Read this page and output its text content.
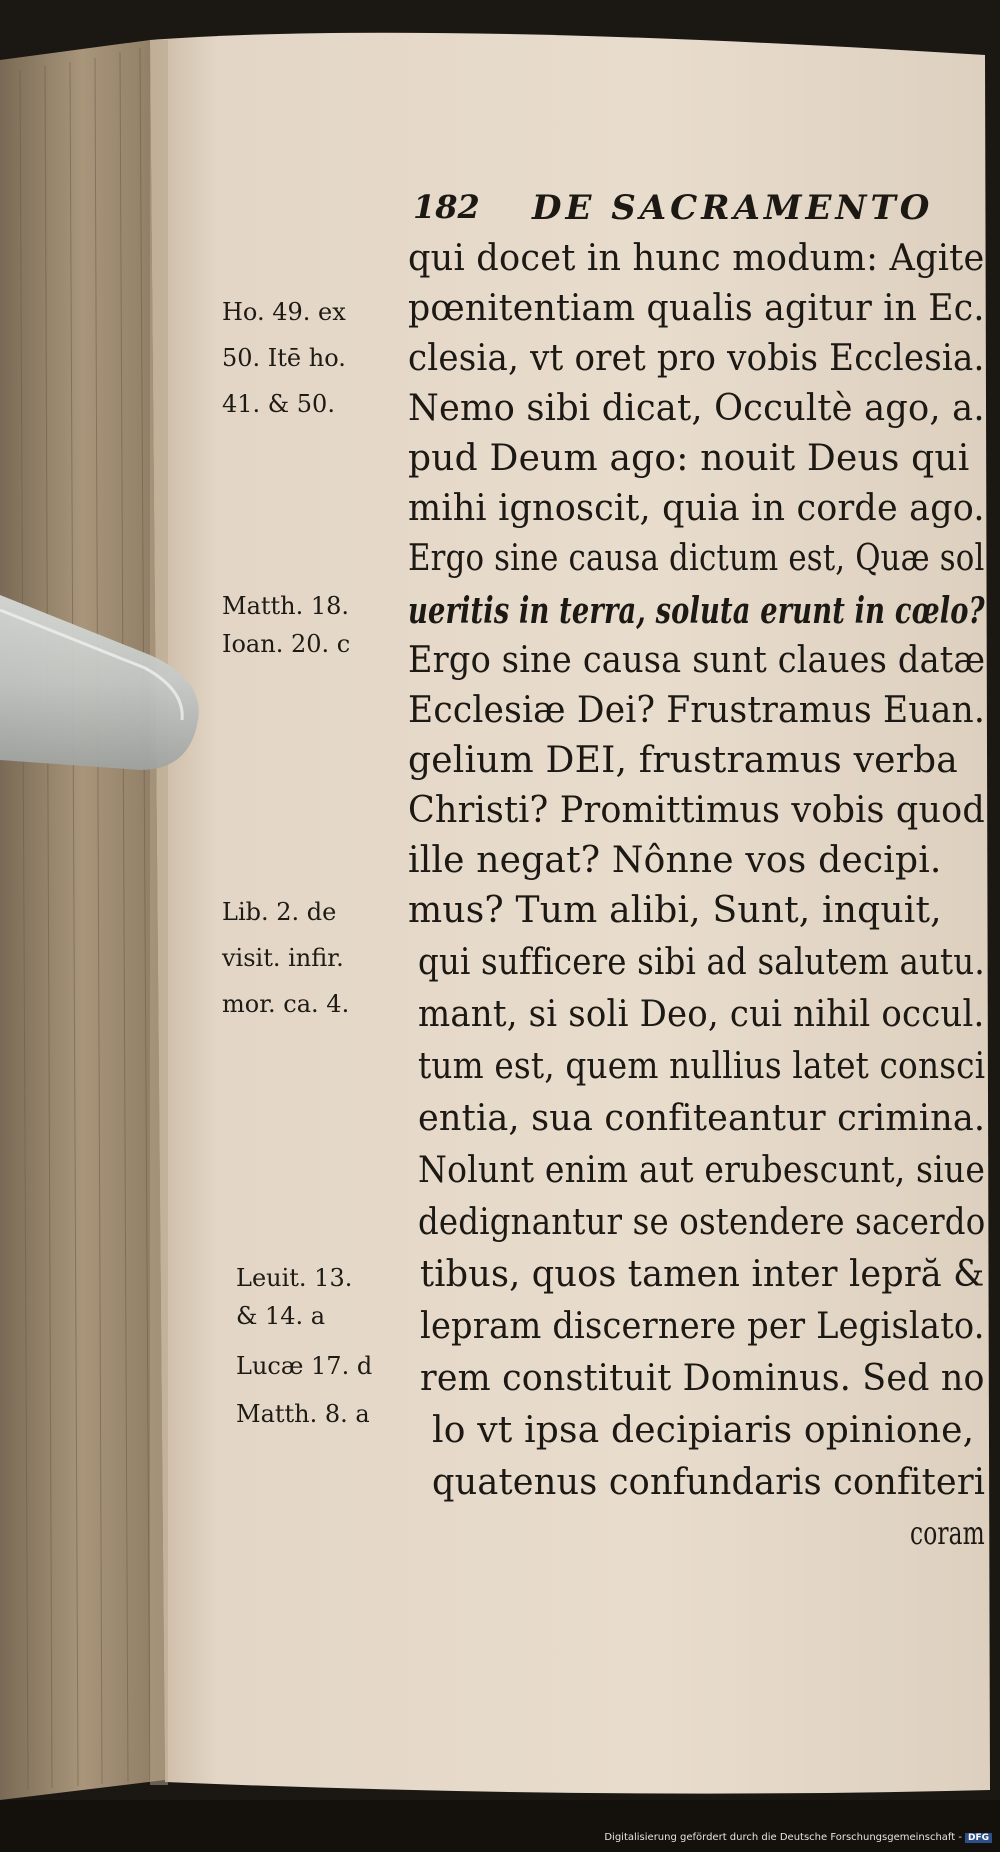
182 DE SACRAMENTO
qui docet in hunc modum: Agite
pœnitentiam qualis agitur in Ec.
clesia, vt oret pro vobis Ecclesia.
Nemo sibi dicat, Occultè ago, a.
pud Deum ago: nouit Deus qui
mihi ignoscit, quia in corde ago.
Ergo sine causa dictum est, Quæ sol
ueritis in terra, soluta erunt in cœlo?
Ergo sine causa sunt claues datæ
Ecclesiæ Dei? Frustramus Euan.
gelium DEI, frustramus verba
Christi? Promittimus vobis quod
ille negat? Nônne vos decipi.
mus? Tum alibi, Sunt, inquit,
qui sufficere sibi ad salutem autu.
mant, si soli Deo, cui nihil occul.
tum est, quem nullius latet consci
entia, sua confiteantur crimina.
Nolunt enim aut erubescunt, siue
dedignantur se ostendere sacerdo
tibus, quos tamen inter lepră &
lepram discernere per Legislato.
rem constituit Dominus. Sed no
lo vt ipsa decipiaris opinione,
quatenus confundaris confiteri
coram
Ho. 49. ex
50. Itē ho.
41. & 50.
Matth. 18.
Ioan. 20. c
Lib. 2. de
visit. infir.
mor. ca. 4.
Leuit. 13.
& 14. a
Lucæ 17. d
Matth. 8. a
Digitalisierung gefördert durch die Deutsche Forschungsgemeinschaft - DFG
